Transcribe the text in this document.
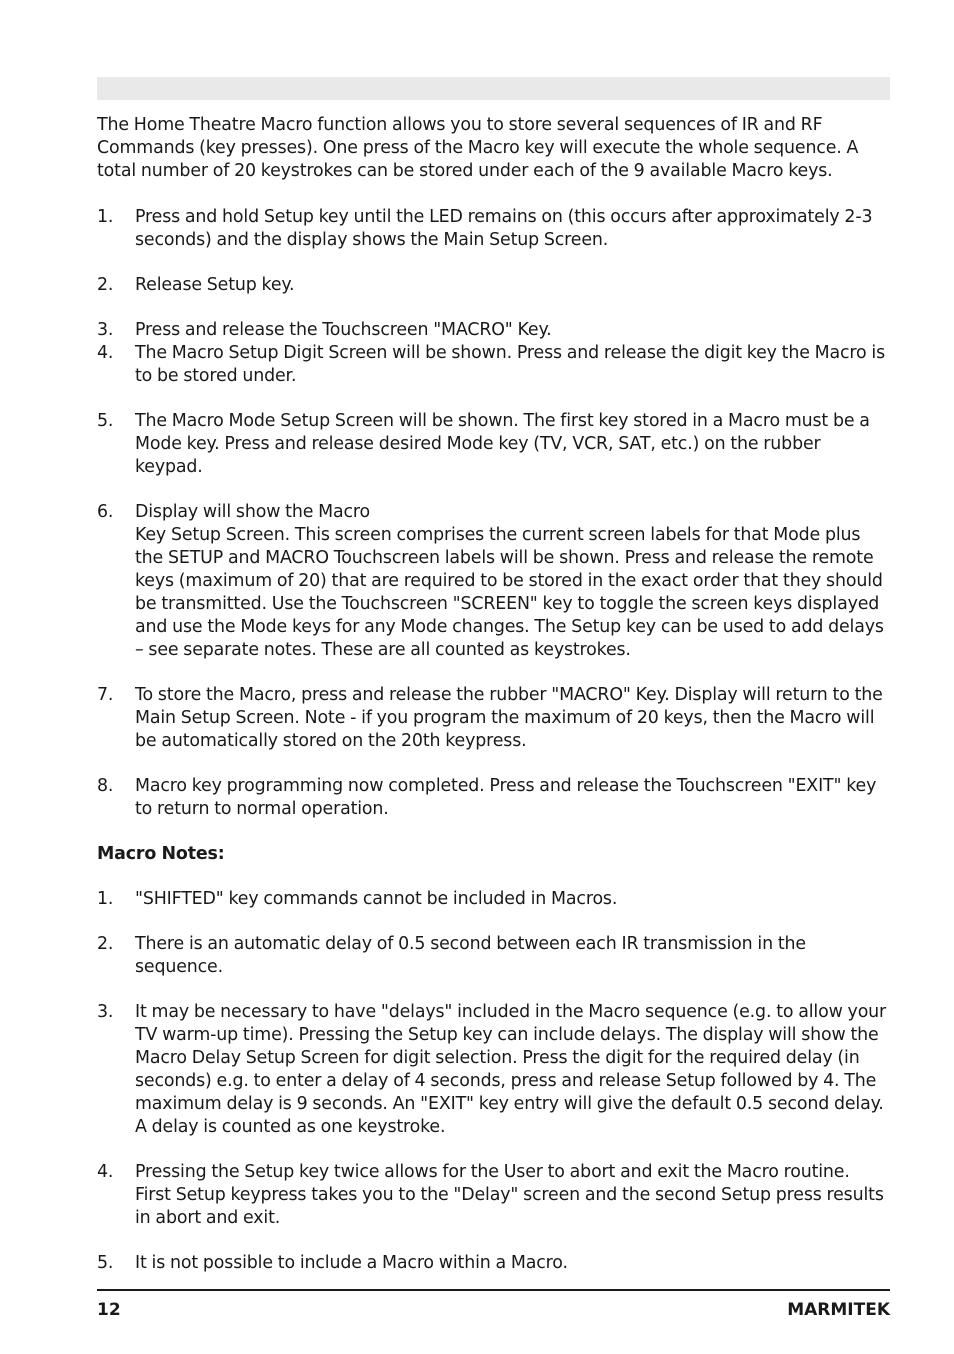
The Home Theatre Macro function allows you to store several sequences of IR and RF Commands (key presses). One press of the Macro key will execute the whole sequence. A total number of 20 keystrokes can be stored under each of the 9 available Macro keys.

1.	Press and hold Setup key until the LED remains on (this occurs after approximately 2-3 seconds) and the display shows the Main Setup Screen.
2.	Release Setup key.
3.	Press and release the Touchscreen "MACRO" Key.
4.	The Macro Setup Digit Screen will be shown. Press and release the digit key the Macro is to be stored under.
5.	The Macro Mode Setup Screen will be shown. The first key stored in a Macro must be a Mode key. Press and release desired Mode key (TV, VCR, SAT, etc.) on the rubber keypad.
6.	Display will show the Macro
Key Setup Screen. This screen comprises the current screen labels for that Mode plus the SETUP and MACRO Touchscreen labels will be shown. Press and release the remote keys (maximum of 20) that are required to be stored in the exact order that they should be transmitted. Use the Touchscreen "SCREEN" key to toggle the screen keys displayed and use the Mode keys for any Mode changes. The Setup key can be used to add delays – see separate notes. These are all counted as keystrokes.
7.	To store the Macro, press and release the rubber "MACRO" Key. Display will return to the Main Setup Screen. Note - if you program the maximum of 20 keys, then the Macro will be automatically stored on the 20th keypress.
8.	Macro key programming now completed. Press and release the Touchscreen "EXIT" key to return to normal operation.

Macro Notes:

1.	"SHIFTED" key commands cannot be included in Macros.
2.	There is an automatic delay of 0.5 second between each IR transmission in the sequence.
3.	It may be necessary to have "delays" included in the Macro sequence (e.g. to allow your TV warm-up time). Pressing the Setup key can include delays. The display will show the Macro Delay Setup Screen for digit selection. Press the digit for the required delay (in seconds) e.g. to enter a delay of 4 seconds, press and release Setup followed by 4. The maximum delay is 9 seconds. An "EXIT" key entry will give the default 0.5 second delay. A delay is counted as one keystroke.
4.	Pressing the Setup key twice allows for the User to abort and exit the Macro routine. First Setup keypress takes you to the "Delay" screen and the second Setup press results in abort and exit.
5.	It is not possible to include a Macro within a Macro.
12	MARMITEK
